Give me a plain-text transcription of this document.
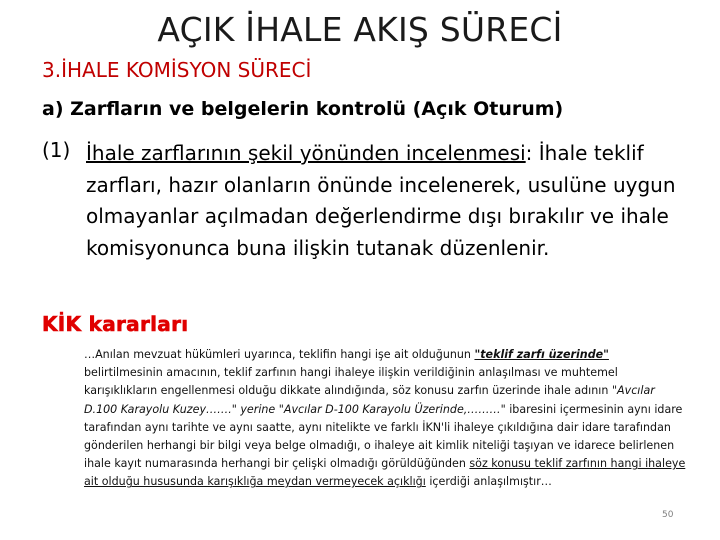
AÇIK İHALE AKIŞ SÜRECİ
3.İHALE KOMİSYON SÜRECİ
a) Zarfların ve belgelerin kontrolü (Açık Oturum)
(1) İhale zarflarının şekil yönünden incelenmesi: İhale teklif zarfları, hazır olanların önünde incelenerek, usulüne uygun olmayanlar açılmadan değerlendirme dışı bırakılır ve ihale komisyonunca buna ilişkin tutanak düzenlenir.
KİK kararları
…Anılan mevzuat hükümleri uyarınca, teklifin hangi işe ait olduğunun "teklif zarfı üzerinde" belirtilmesinin amacının, teklif zarfının hangi ihaleye ilişkin verildiğinin anlaşılması ve muhtemel karışıklıkların engellenmesi olduğu dikkate alındığında, söz konusu zarfın üzerinde ihale adının "Avcılar D.100 Karayolu Kuzey……." yerine "Avcılar D-100 Karayolu Üzerinde,………" ibaresini içermesinin aynı idare tarafından aynı tarihte ve aynı saatte, aynı nitelikte ve farklı İKN'li ihaleye çıkıldığına dair idare tarafından gönderilen herhangi bir bilgi veya belge olmadığı, o ihaleye ait kimlik niteliği taşıyan ve idarece belirlenen ihale kayıt numarasında herhangi bir çelişki olmadığı görüldüğünden söz konusu teklif zarfının hangi ihaleye ait olduğu hususunda karışıklığa meydan vermeyecek açıklığı içerdiği anlaşılmıştır…
50
